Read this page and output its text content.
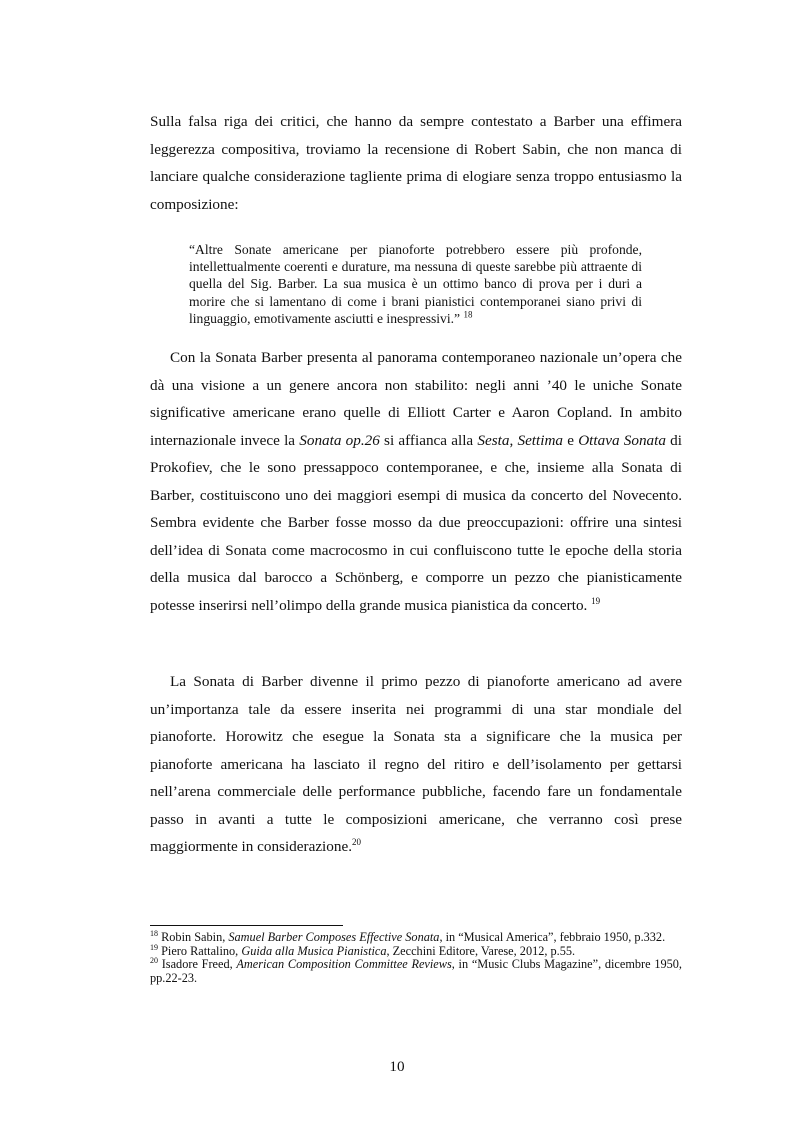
Sulla falsa riga dei critici, che hanno da sempre contestato a Barber una effimera leggerezza compositiva, troviamo la recensione di Robert Sabin, che non manca di lanciare qualche considerazione tagliente prima di elogiare senza troppo entusiasmo la composizione:

“Altre Sonate americane per pianoforte potrebbero essere più profonde, intellettualmente coerenti e durature, ma nessuna di queste sarebbe più attraente di quella del Sig. Barber. La sua musica è un ottimo banco di prova per i duri a morire che si lamentano di come i brani pianistici contemporanei siano privi di linguaggio, emotivamente asciutti e inespressivi.” $^{18}$

Con la Sonata Barber presenta al panorama contemporaneo nazionale un’opera che dà una visione a un genere ancora non stabilito: negli anni ’40 le uniche Sonate significative americane erano quelle di Elliott Carter e Aaron Copland. In ambito internazionale invece la Sonata op.26 si affianca alla Sesta, Settima e Ottava Sonata di Prokofiev, che le sono pressappoco contemporanee, e che, insieme alla Sonata di Barber, costituiscono uno dei maggiori esempi di musica da concerto del Novecento. Sembra evidente che Barber fosse mosso da due preoccupazioni: offrire una sintesi dell’idea di Sonata come macrocosmo in cui confluiscono tutte le epoche della storia della musica dal barocco a Schönberg, e comporre un pezzo che pianisticamente potesse inserirsi nell’olimpo della grande musica pianistica da concerto. $^{19}$

La Sonata di Barber divenne il primo pezzo di pianoforte americano ad avere un’importanza tale da essere inserita nei programmi di una star mondiale del pianoforte. Horowitz che esegue la Sonata sta a significare che la musica per pianoforte americana ha lasciato il regno del ritiro e dell’isolamento per gettarsi nell’arena commerciale delle performance pubbliche, facendo fare un fondamentale passo in avanti a tutte le composizioni americane, che verranno così prese maggiormente in considerazione.$^{20}$

$^{18}$ Robin Sabin, Samuel Barber Composes Effective Sonata, in “Musical America”, febbraio 1950, p.332.

$^{19}$ Piero Rattalino, Guida alla Musica Pianistica, Zecchini Editore, Varese, 2012, p.55.

$^{20}$ Isadore Freed, American Composition Committee Reviews, in “Music Clubs Magazine”, dicembre 1950, pp.22-23.

10
